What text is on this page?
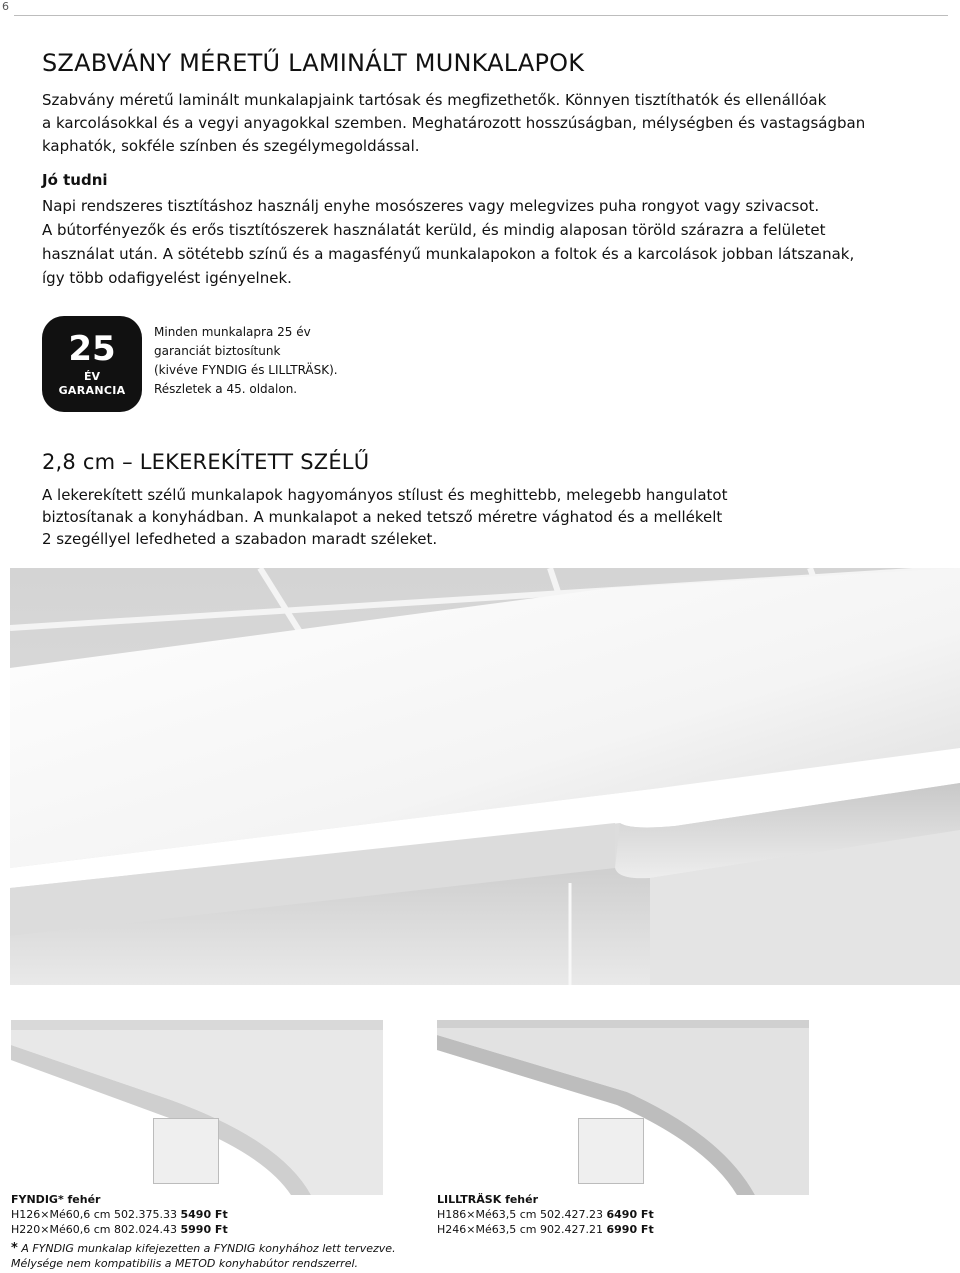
6
SZABVÁNY MÉRETŰ LAMINÁLT MUNKALAPOK
Szabvány méretű laminált munkalapjaink tartósak és megfizethetők. Könnyen tisztíthatók és ellenállóak
a karcolásokkal és a vegyi anyagokkal szemben. Meghatározott hosszúságban, mélységben és vastagságban
kaphatók, sokféle színben és szegélymegoldással.
Jó tudni
Napi rendszeres tisztításhoz használj enyhe mosószeres vagy melegvizes puha rongyot vagy szivacsot.
A bútorfényezők és erős tisztítószerek használatát kerüld, és mindig alaposan töröld szárazra a felületet
használat után. A sötétebb színű és a magasfényű munkalapokon a foltok és a karcolások jobban látszanak,
így több odafigyelést igényelnek.
25
ÉV
GARANCIA
Minden munkalapra 25 év
garanciát biztosítunk
(kivéve FYNDIG és LILLTRÄSK).
Részletek a 45. oldalon.
2,8 cm – LEKEREKÍTETT SZÉLŰ
A lekerekített szélű munkalapok hagyományos stílust és meghittebb, melegebb hangulatot
biztosítanak a konyhádban. A munkalapot a neked tetsző méretre vághatod és a mellékelt
2 szegéllyel lefedheted a szabadon maradt széleket.
FYNDIG* fehér
H126×Mé60,6 cm 502.375.33 5490 Ft
H220×Mé60,6 cm 802.024.43 5990 Ft
LILLTRÄSK fehér
H186×Mé63,5 cm 502.427.23 6490 Ft
H246×Mé63,5 cm 902.427.21 6990 Ft
* A FYNDIG munkalap kifejezetten a FYNDIG konyhához lett tervezve.
Mélysége nem kompatibilis a METOD konyhabútor rendszerrel.
